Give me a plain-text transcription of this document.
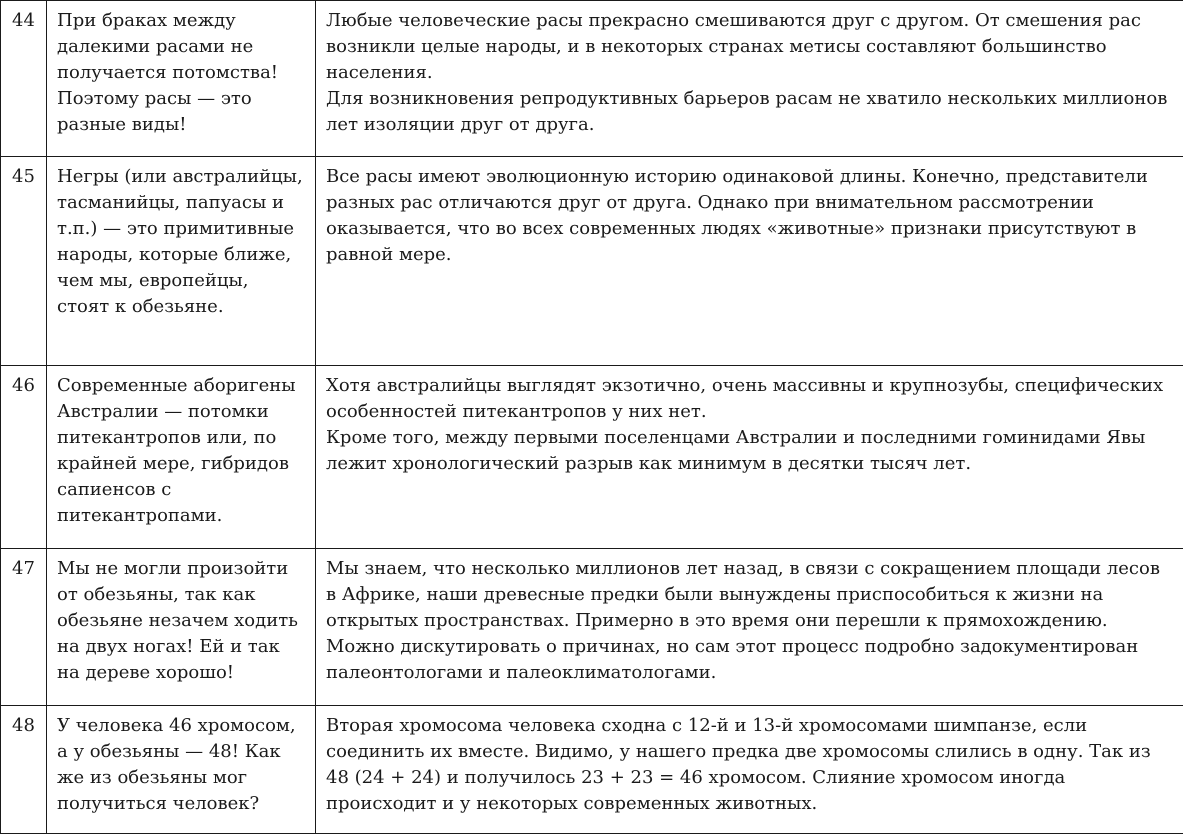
44	При браках между далекими расами не получается потомства! Поэтому расы — это разные виды!	Любые человеческие расы прекрасно смешиваются друг с другом. От смешения рас возникли целые народы, и в некоторых странах метисы составляют большинство населения.
Для возникновения репродуктивных барьеров расам не хватило нескольких миллионов лет изоляции друг от друга.

45	Негры (или австралийцы, тасманийцы, папуасы и т.п.) — это примитивные народы, которые ближе, чем мы, европейцы, стоят к обезьяне.	Все расы имеют эволюционную историю одинаковой длины. Конечно, представители разных рас отличаются друг от друга. Однако при внимательном рассмотрении оказывается, что во всех современных людях «животные» признаки присутствуют в равной мере.

46	Современные аборигены Австралии — потомки питекантропов или, по крайней мере, гибридов сапиенсов с питекантропами.	Хотя австралийцы выглядят экзотично, очень массивны и крупнозубы, специфических особенностей питекантропов у них нет.
Кроме того, между первыми поселенцами Австралии и последними гоминидами Явы лежит хронологический разрыв как минимум в десятки тысяч лет.

47	Мы не могли произойти от обезьяны, так как обезьяне незачем ходить на двух ногах! Ей и так на дереве хорошо!	Мы знаем, что несколько миллионов лет назад, в связи с сокращением площади лесов в Африке, наши древесные предки были вынуждены приспособиться к жизни на открытых пространствах. Примерно в это время они перешли к прямохождению.
Можно дискутировать о причинах, но сам этот процесс подробно задокументирован палеонтологами и палеоклиматологами.

48	У человека 46 хромосом, а у обезьяны — 48! Как же из обезьяны мог получиться человек?	Вторая хромосома человека сходна с 12-й и 13-й хромосомами шимпанзе, если соединить их вместе. Видимо, у нашего предка две хромосомы слились в одну. Так из 48 (24 + 24) и получилось 23 + 23 = 46 хромосом. Слияние хромосом иногда происходит и у некоторых современных животных.
